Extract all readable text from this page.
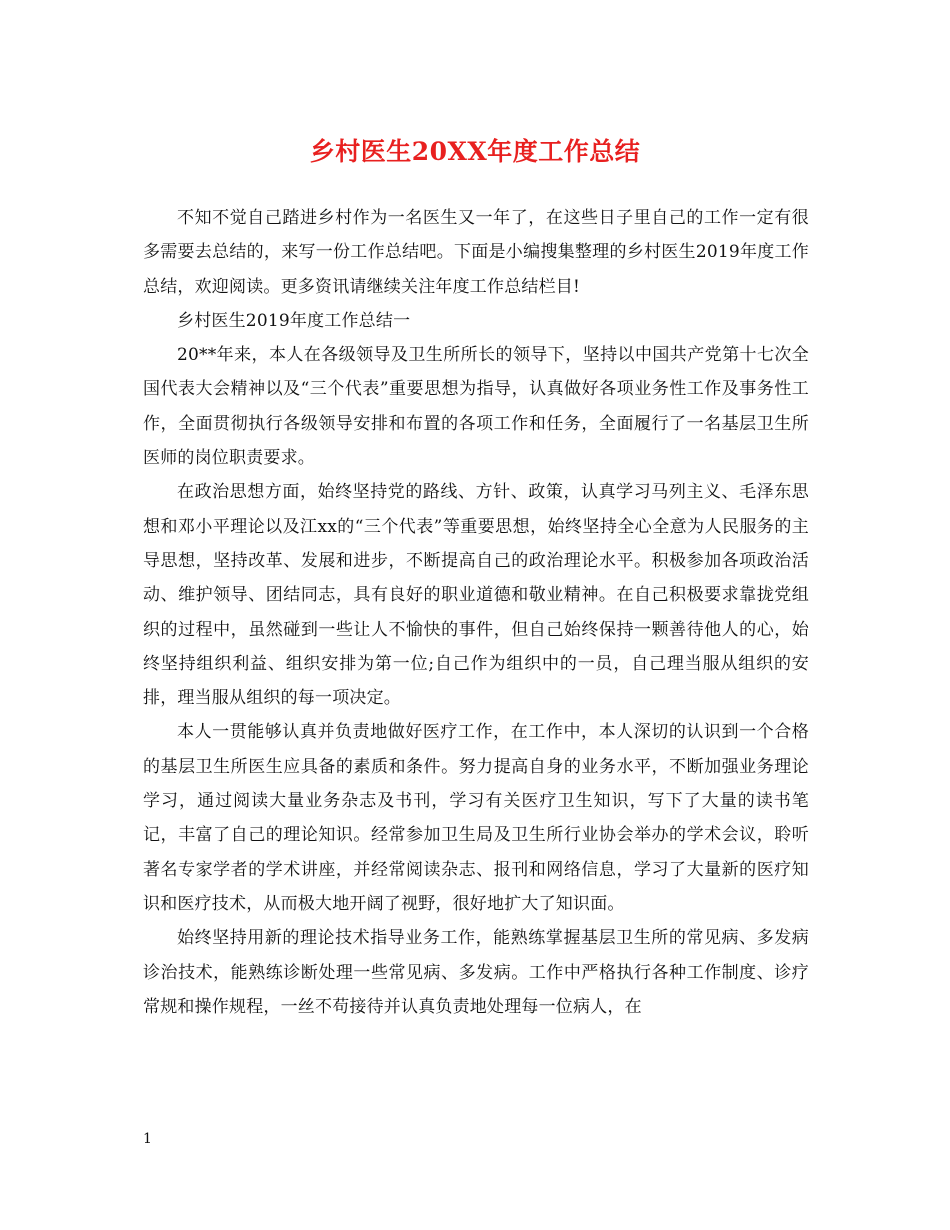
乡村医生20XX年度工作总结

不知不觉自己踏进乡村作为一名医生又一年了，在这些日子里自己的工作一定有很多需要去总结的，来写一份工作总结吧。下面是小编搜集整理的乡村医生2019年度工作总结，欢迎阅读。更多资讯请继续关注年度工作总结栏目!

乡村医生2019年度工作总结一

20**年来，本人在各级领导及卫生所所长的领导下，坚持以中国共产党第十七次全国代表大会精神以及“三个代表”重要思想为指导，认真做好各项业务性工作及事务性工作，全面贯彻执行各级领导安排和布置的各项工作和任务，全面履行了一名基层卫生所医师的岗位职责要求。

在政治思想方面，始终坚持党的路线、方针、政策，认真学习马列主义、毛泽东思想和邓小平理论以及江xx的“三个代表”等重要思想，始终坚持全心全意为人民服务的主导思想，坚持改革、发展和进步，不断提高自己的政治理论水平。积极参加各项政治活动、维护领导、团结同志，具有良好的职业道德和敬业精神。在自己积极要求靠拢党组织的过程中，虽然碰到一些让人不愉快的事件，但自己始终保持一颗善待他人的心，始终坚持组织利益、组织安排为第一位;自己作为组织中的一员，自己理当服从组织的安排，理当服从组织的每一项决定。

本人一贯能够认真并负责地做好医疗工作，在工作中，本人深切的认识到一个合格的基层卫生所医生应具备的素质和条件。努力提高自身的业务水平，不断加强业务理论学习，通过阅读大量业务杂志及书刊，学习有关医疗卫生知识，写下了大量的读书笔记，丰富了自己的理论知识。经常参加卫生局及卫生所行业协会举办的学术会议，聆听著名专家学者的学术讲座，并经常阅读杂志、报刊和网络信息，学习了大量新的医疗知识和医疗技术，从而极大地开阔了视野，很好地扩大了知识面。

始终坚持用新的理论技术指导业务工作，能熟练掌握基层卫生所的常见病、多发病诊治技术，能熟练诊断处理一些常见病、多发病。工作中严格执行各种工作制度、诊疗常规和操作规程，一丝不苟接待并认真负责地处理每一位病人，在

1
